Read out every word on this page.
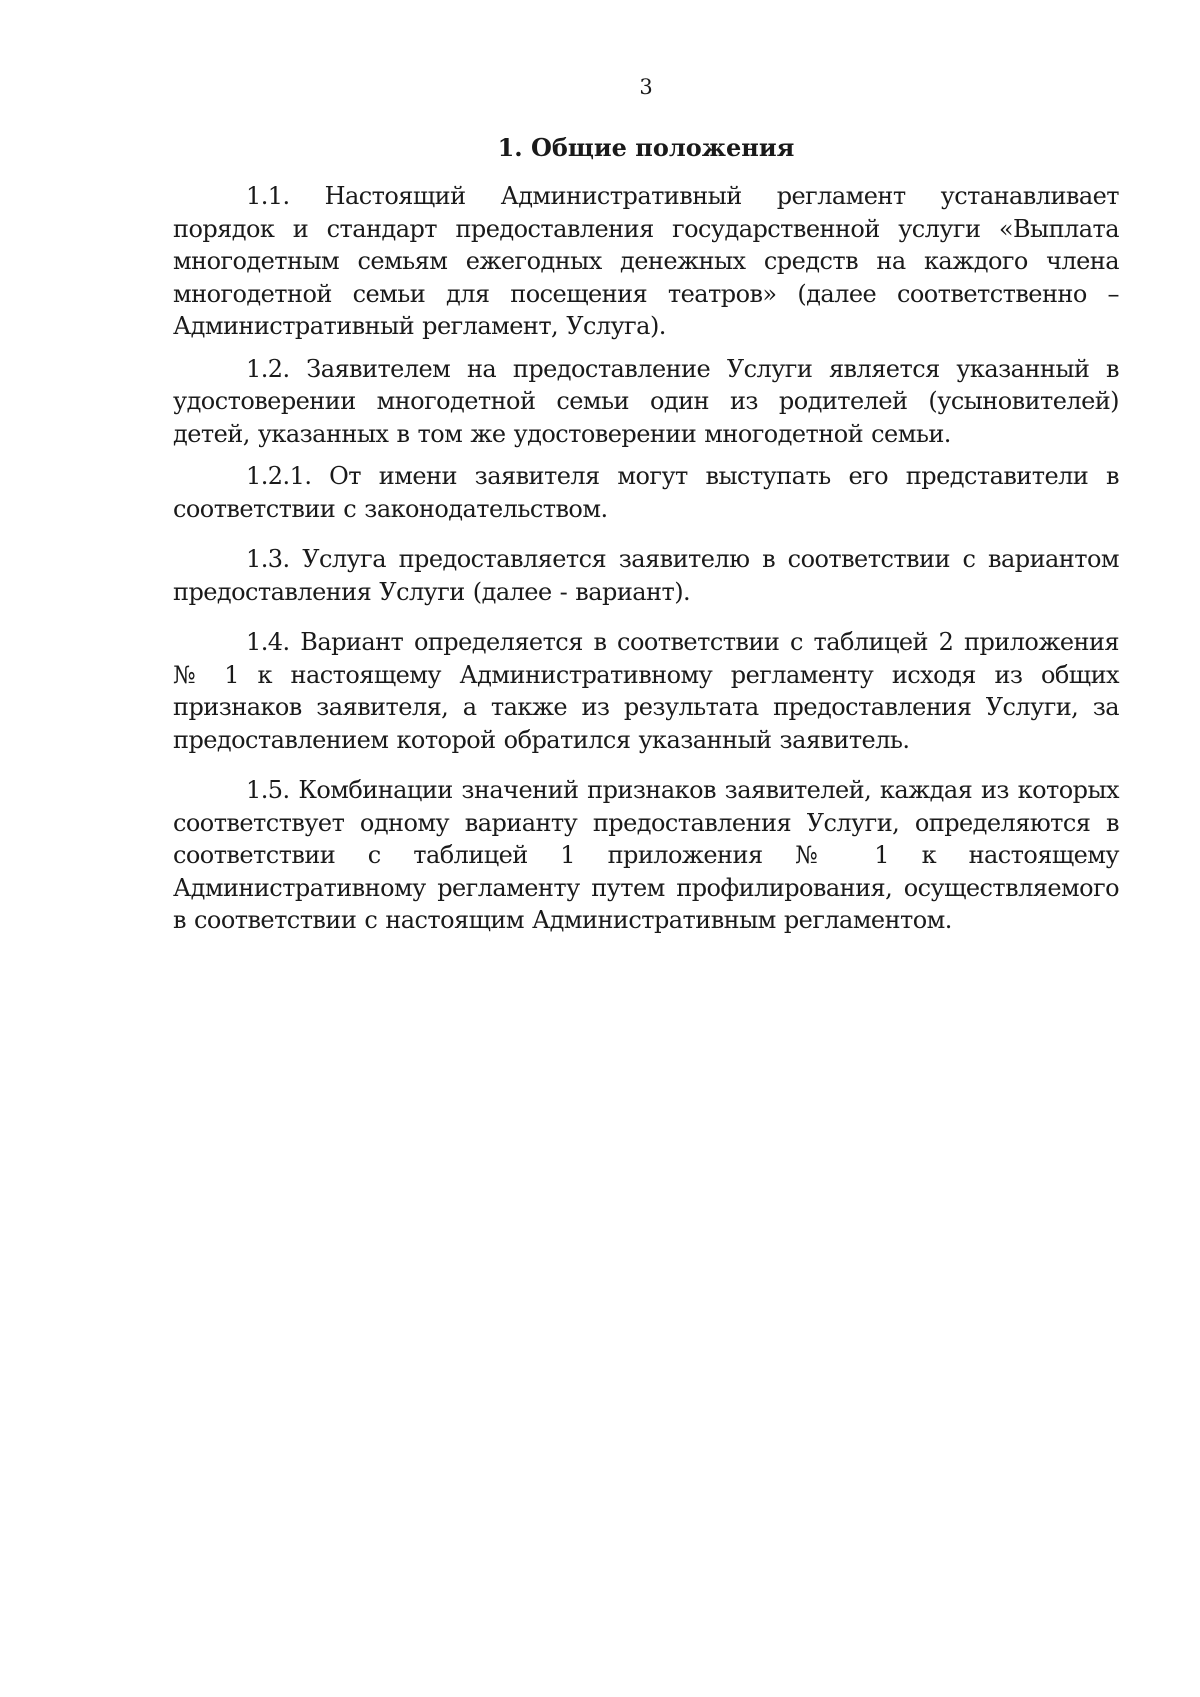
3
1. Общие положения

1.1. Настоящий Административный регламент устанавливает порядок и стандарт предоставления государственной услуги «Выплата многодетным семьям ежегодных денежных средств на каждого члена многодетной семьи для посещения театров» (далее соответственно – Административный регламент, Услуга).

1.2. Заявителем на предоставление Услуги является указанный в удостоверении многодетной семьи один из родителей (усыновителей) детей, указанных в том же удостоверении многодетной семьи.

1.2.1. От имени заявителя могут выступать его представители в соответствии с законодательством.

1.3. Услуга предоставляется заявителю в соответствии с вариантом предоставления Услуги (далее - вариант).

1.4. Вариант определяется в соответствии с таблицей 2 приложения № 1 к настоящему Административному регламенту исходя из общих признаков заявителя, а также из результата предоставления Услуги, за предоставлением которой обратился указанный заявитель.

1.5. Комбинации значений признаков заявителей, каждая из которых соответствует одному варианту предоставления Услуги, определяются в соответствии с таблицей 1 приложения № 1 к настоящему Административному регламенту путем профилирования, осуществляемого в соответствии с настоящим Административным регламентом.
